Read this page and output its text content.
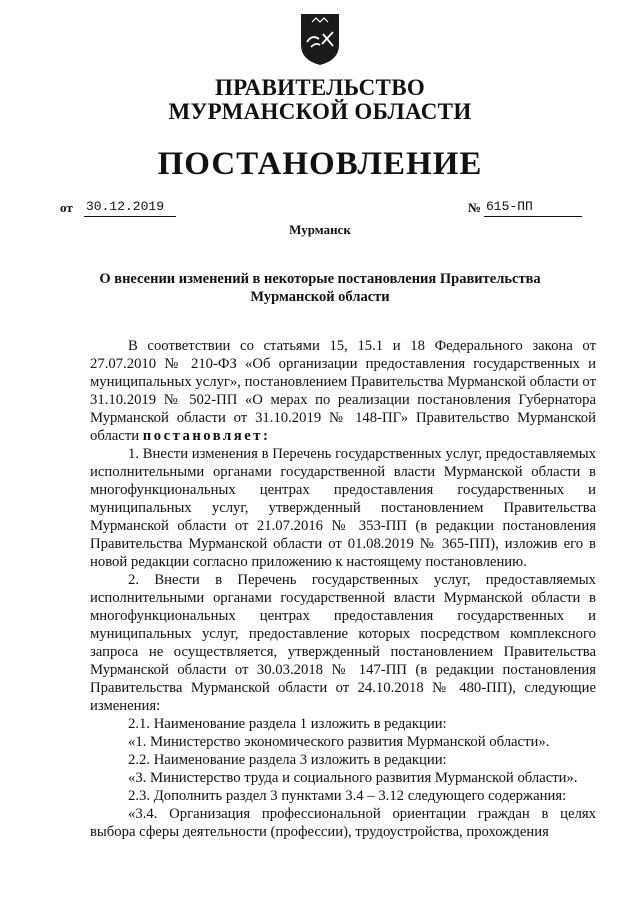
ПРАВИТЕЛЬСТВО
МУРМАНСКОЙ ОБЛАСТИ
ПОСТАНОВЛЕНИЕ
от 30.12.2019	№ 615-ПП
Мурманск
О внесении изменений в некоторые постановления Правительства
Мурманской области

В соответствии со статьями 15, 15.1 и 18 Федерального закона от 27.07.2010 № 210-ФЗ «Об организации предоставления государственных и муниципальных услуг», постановлением Правительства Мурманской области от 31.10.2019 № 502-ПП «О мерах по реализации постановления Губернатора Мурманской области от 31.10.2019 № 148-ПГ» Правительство Мурманской области постановляет:

1. Внести изменения в Перечень государственных услуг, предоставляемых исполнительными органами государственной власти Мурманской области в многофункциональных центрах предоставления государственных и муниципальных услуг, утвержденный постановлением Правительства Мурманской области от 21.07.2016 № 353-ПП (в редакции постановления Правительства Мурманской области от 01.08.2019 № 365-ПП), изложив его в новой редакции согласно приложению к настоящему постановлению.

2. Внести в Перечень государственных услуг, предоставляемых исполнительными органами государственной власти Мурманской области в многофункциональных центрах предоставления государственных и муниципальных услуг, предоставление которых посредством комплексного запроса не осуществляется, утвержденный постановлением Правительства Мурманской области от 30.03.2018 № 147-ПП (в редакции постановления Правительства Мурманской области от 24.10.2018 № 480-ПП), следующие изменения:

2.1. Наименование раздела 1 изложить в редакции:

«1. Министерство экономического развития Мурманской области».

2.2. Наименование раздела 3 изложить в редакции:

«3. Министерство труда и социального развития Мурманской области».

2.3. Дополнить раздел 3 пунктами 3.4 – 3.12 следующего содержания:

«3.4. Организация профессиональной ориентации граждан в целях выбора сферы деятельности (профессии), трудоустройства, прохождения
